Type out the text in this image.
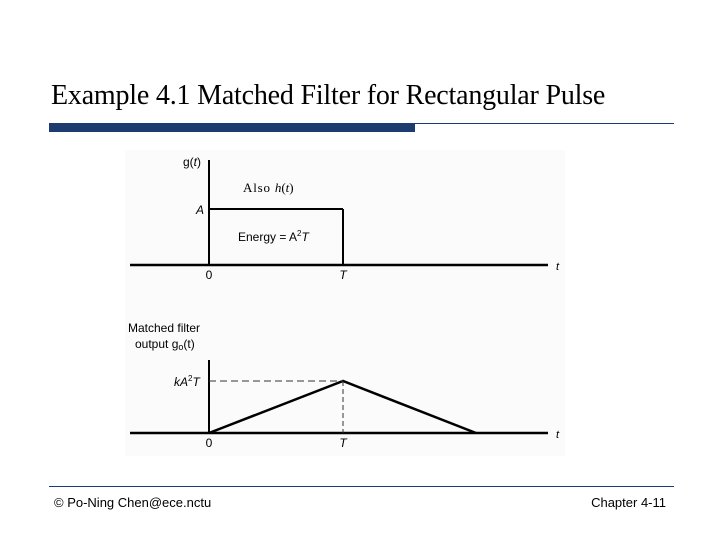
Example 4.1 Matched Filter for Rectangular Pulse
g(t)
Also h(t)
A
Energy = $A^2T$
0	T
t
Matched filter
output go(t)
$kA^2T$
0	T
t
© Po-Ning Chen@ece.nctu	Chapter 4-11
